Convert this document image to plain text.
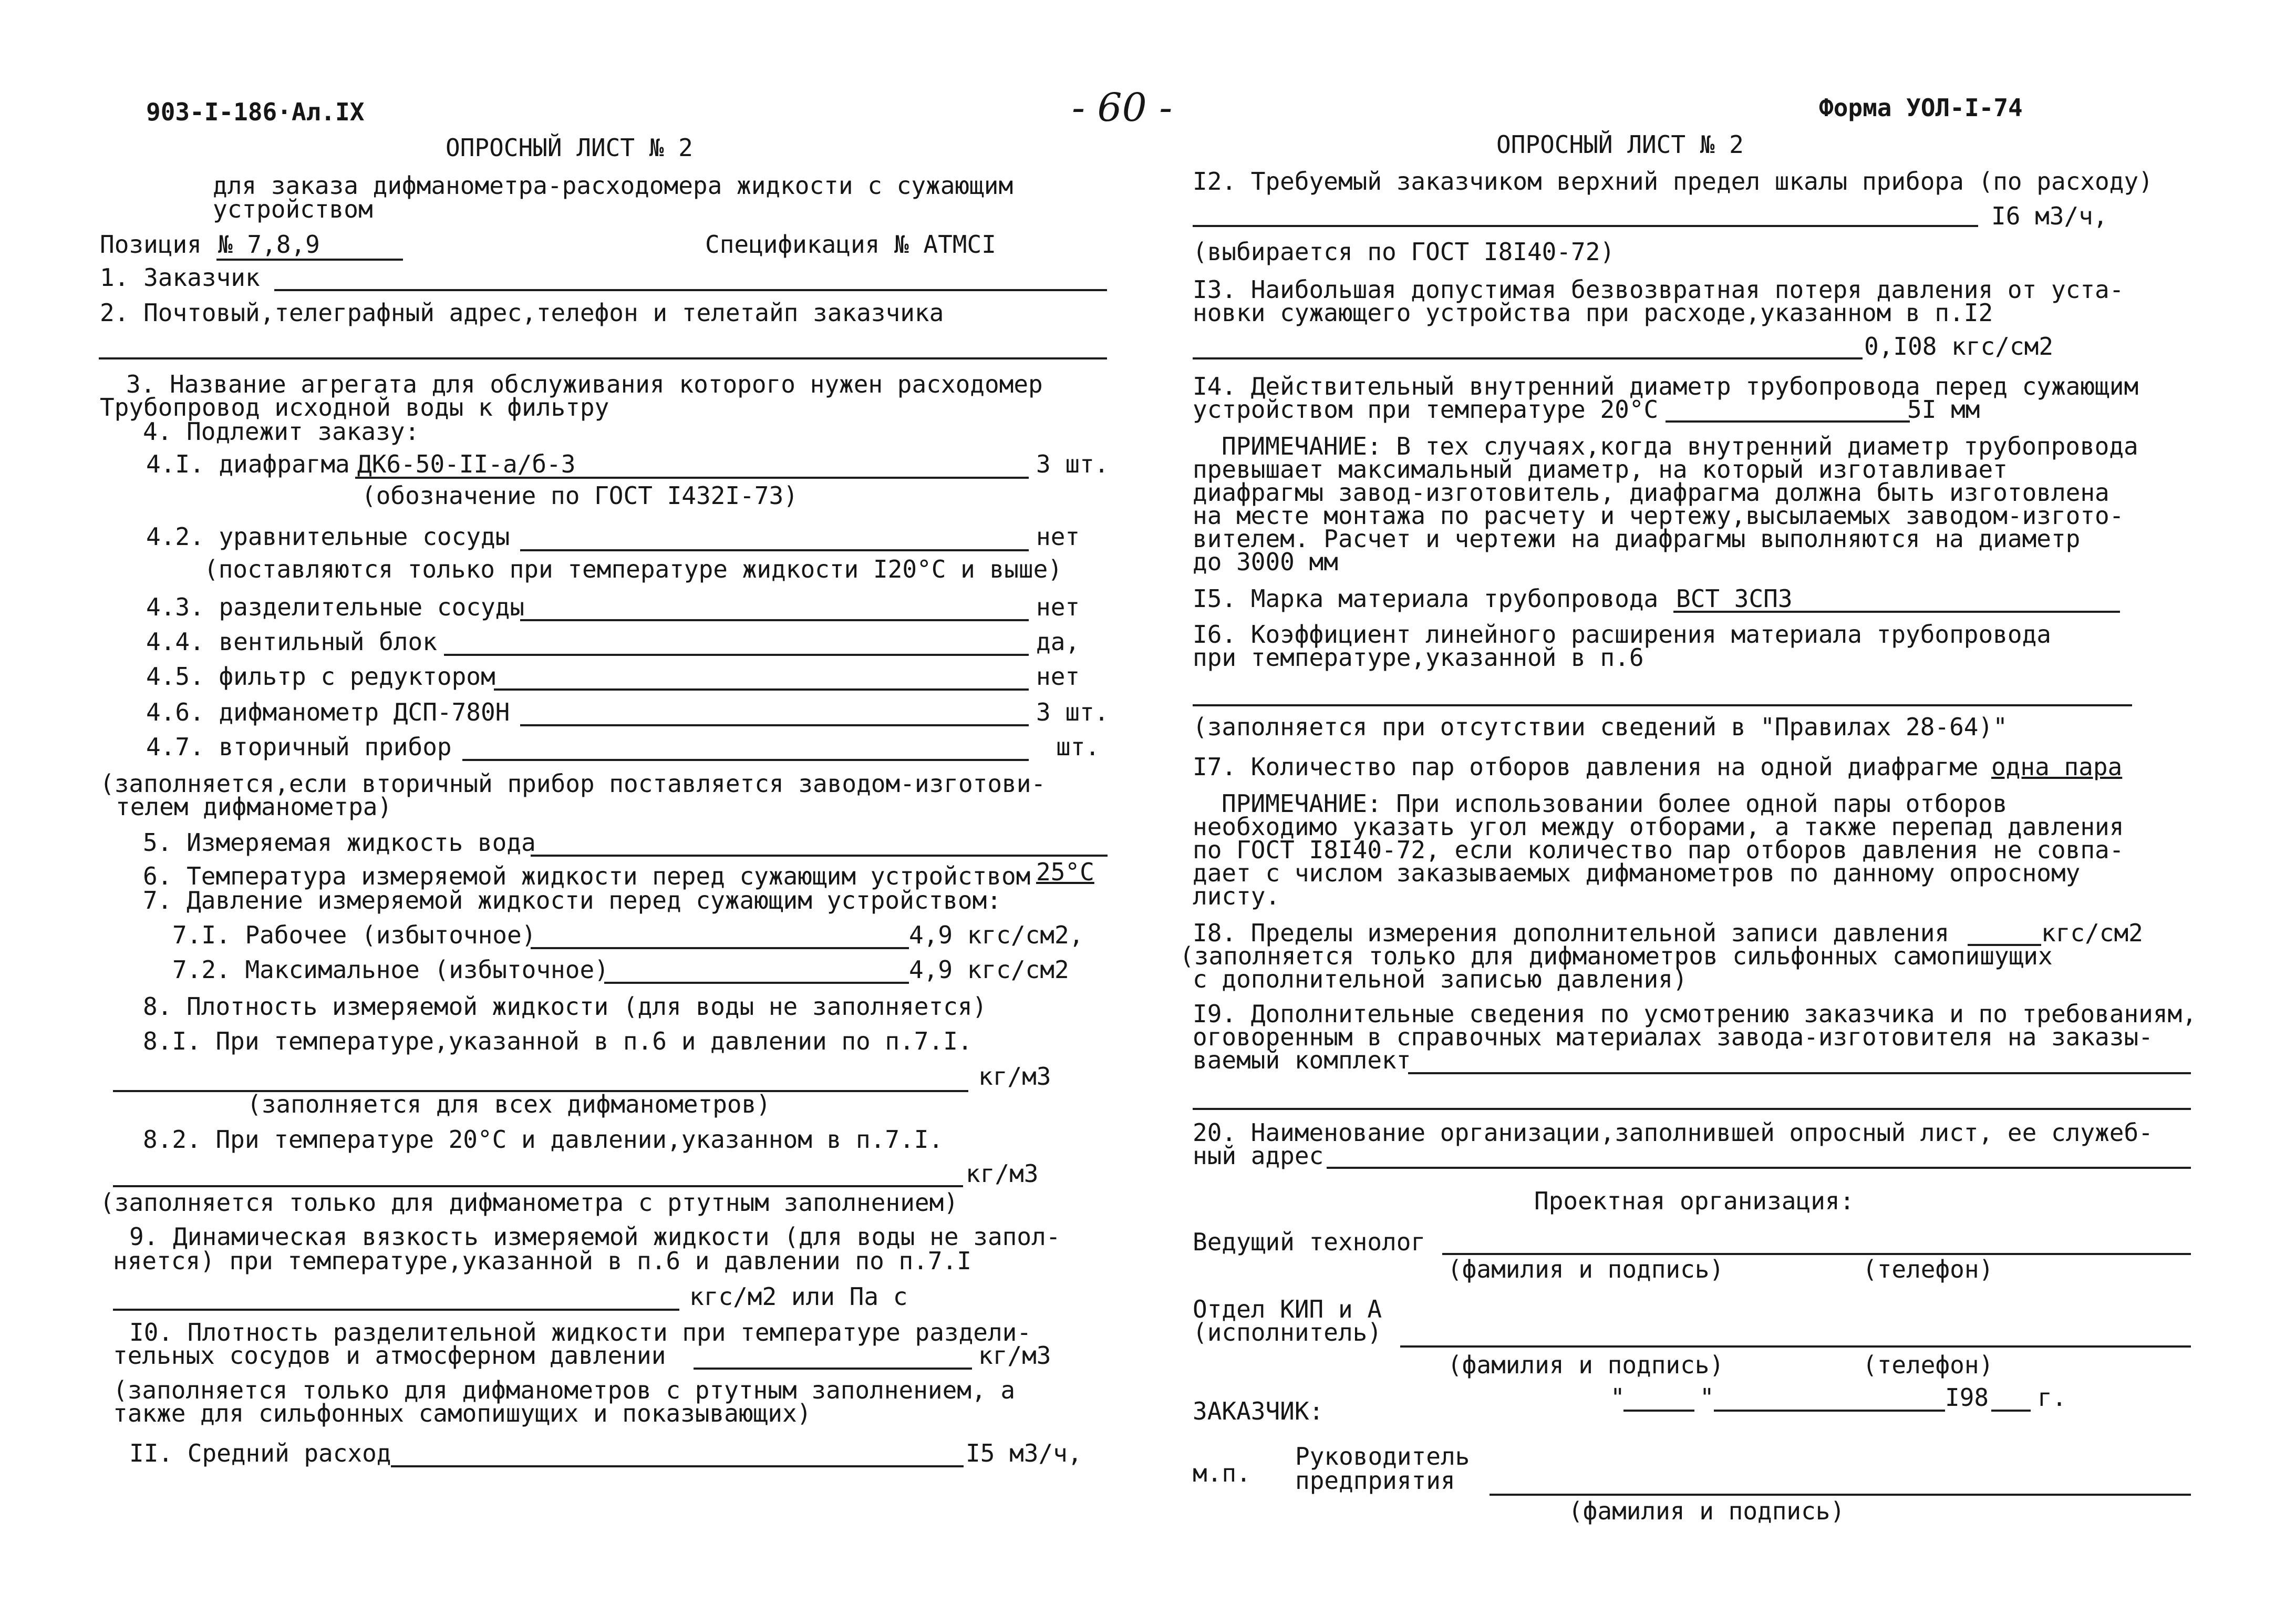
- 60 -
903-I-186·Ал.IX
ОПРОСНЫЙ ЛИСТ № 2
для заказа дифманометра-расходомера жидкости с сужающим
устройством
Позиция № 7,8,9	Спецификация № АТМСI
1. Заказчик
2. Почтовый,телеграфный адрес,телефон и телетайп заказчика
3. Название агрегата для обслуживания которого нужен расходомер
Трубопровод исходной воды к фильтру
4. Подлежит заказу:
4.I. диафрагма ДК6-50-II-а/б-3	3 шт.
(обозначение по ГОСТ I432I-73)
4.2. уравнительные сосуды	нет
(поставляются только при температуре жидкости I20°С и выше)
4.3. разделительные сосуды	нет
4.4. вентильный блок	да,
4.5. фильтр с редуктором	нет
4.6. дифманометр ДСП-780Н	3 шт.
4.7. вторичный прибор	шт.
(заполняется,если вторичный прибор поставляется заводом-изготови-
телем дифманометра)
5. Измеряемая жидкость вода
6. Температура измеряемой жидкости перед сужающим устройством 25°С
7. Давление измеряемой жидкости перед сужающим устройством:
7.I. Рабочее (избыточное)	4,9 кгс/см2,
7.2. Максимальное (избыточное)	4,9 кгс/см2
8. Плотность измеряемой жидкости (для воды не заполняется)
8.I. При температуре,указанной в п.6 и давлении по п.7.I.
кг/м3
(заполняется для всех дифманометров)
8.2. При температуре 20°С и давлении,указанном в п.7.I.
кг/м3
(заполняется только для дифманометра с ртутным заполнением)
9. Динамическая вязкость измеряемой жидкости (для воды не запол-
няется) при температуре,указанной в п.6 и давлении по п.7.I
кгс/м2 или Па с
I0. Плотность разделительной жидкости при температуре раздели-
тельных сосудов и атмосферном давлении	кг/м3
(заполняется только для дифманометров с ртутным заполнением, а
также для сильфонных самопишущих и показывающих)
II. Средний расход	I5 м3/ч,
Форма УОЛ-I-74
ОПРОСНЫЙ ЛИСТ № 2
I2. Требуемый заказчиком верхний предел шкалы прибора (по расходу)
I6 м3/ч,
(выбирается по ГОСТ I8I40-72)
I3. Наибольшая допустимая безвозвратная потеря давления от уста-
новки сужающего устройства при расходе,указанном в п.I2
0,I08 кгс/см2
I4. Действительный внутренний диаметр трубопровода перед сужающим
устройством при температуре 20°С	5I мм
ПРИМЕЧАНИЕ: В тех случаях,когда внутренний диаметр трубопровода
превышает максимальный диаметр, на который изготавливает
диафрагмы завод-изготовитель, диафрагма должна быть изготовлена
на месте монтажа по расчету и чертежу,высылаемых заводом-изгото-
вителем. Расчет и чертежи на диафрагмы выполняются на диаметр
до 3000 мм
I5. Марка материала трубопровода ВСТ 3СП3
I6. Коэффициент линейного расширения материала трубопровода
при температуре,указанной в п.6
(заполняется при отсутствии сведений в "Правилах 28-64)"
I7. Количество пар отборов давления на одной диафрагме одна пара
ПРИМЕЧАНИЕ: При использовании более одной пары отборов
необходимо указать угол между отборами, а также перепад давления
по ГОСТ I8I40-72, если количество пар отборов давления не совпа-
дает с числом заказываемых дифманометров по данному опросному
листу.
I8. Пределы измерения дополнительной записи давления	кгс/см2
(заполняется только для дифманометров сильфонных самопишущих
с дополнительной записью давления)
I9. Дополнительные сведения по усмотрению заказчика и по требованиям,
оговоренным в справочных материалах завода-изготовителя на заказы-
ваемый комплект
20. Наименование организации,заполнившей опросный лист, ее служеб-
ный адрес
Проектная организация:
Ведущий технолог
(фамилия и подпись)	(телефон)
Отдел КИП и А
(исполнитель)
(фамилия и подпись)	(телефон)
ЗАКАЗЧИК:	"	"	I98 г.
м.п.
Руководитель
предприятия
(фамилия и подпись)
